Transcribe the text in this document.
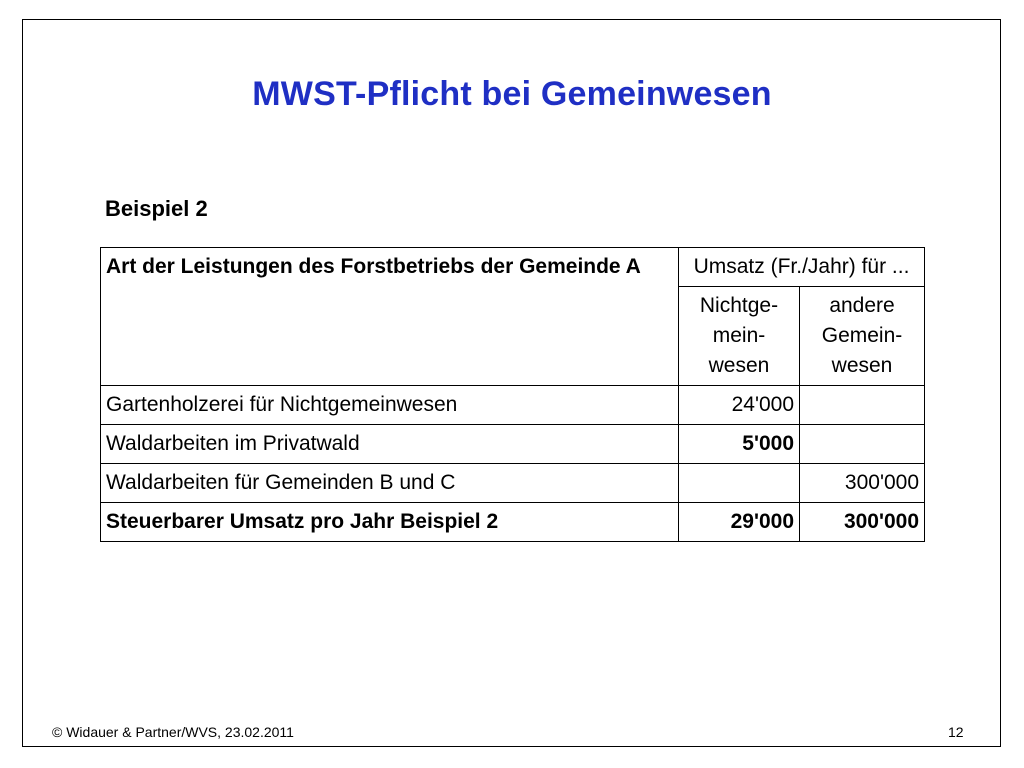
MWST-Pflicht bei Gemeinwesen
Beispiel 2
Art der Leistungen des Forstbetriebs der Gemeinde A	Umsatz (Fr./Jahr) für ...	
	Nichtge-mein-wesen	andere Gemein-wesen
Gartenholzerei für Nichtgemeinwesen	24'000	
Waldarbeiten im Privatwald	5'000	
Waldarbeiten für Gemeinden B und C		300'000
Steuerbarer Umsatz pro Jahr Beispiel 2	29'000	300'000
© Widauer & Partner/WVS, 23.02.2011	12
